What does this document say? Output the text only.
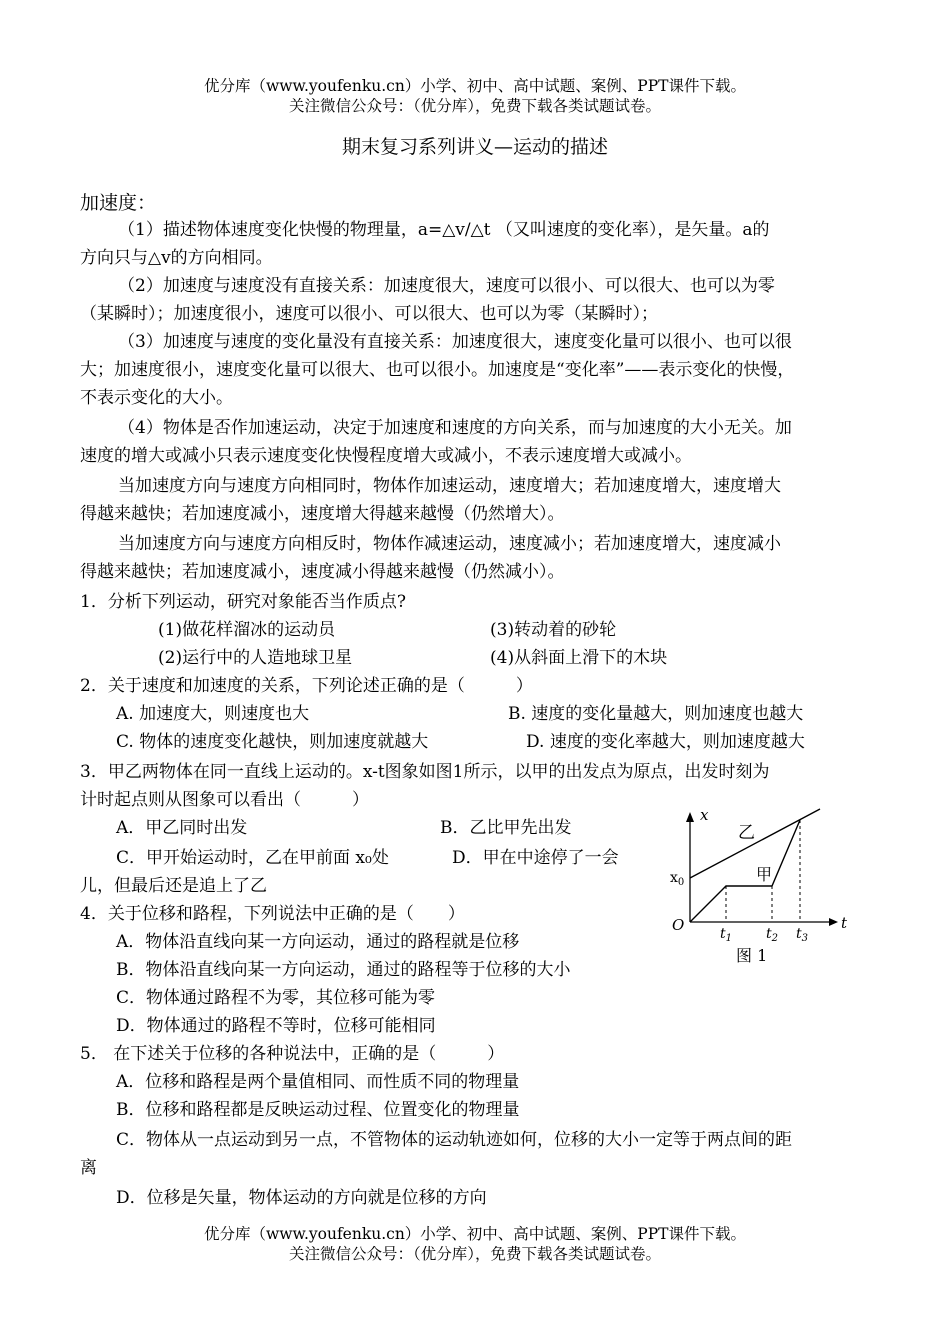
优分库（www.youfenku.cn）小学、初中、高中试题、案例、PPT课件下载。
关注微信公众号：（优分库），免费下载各类试题试卷。
期末复习系列讲义—运动的描述
加速度：
（1）描述物体速度变化快慢的物理量，a=△v/△t （又叫速度的变化率），是矢量。a的
方向只与△v的方向相同。
（2）加速度与速度没有直接关系：加速度很大，速度可以很小、可以很大、也可以为零
（某瞬时）；加速度很小，速度可以很小、可以很大、也可以为零（某瞬时）；
（3）加速度与速度的变化量没有直接关系：加速度很大，速度变化量可以很小、也可以很
大；加速度很小，速度变化量可以很大、也可以很小。加速度是“变化率”——表示变化的快慢，
不表示变化的大小。
（4）物体是否作加速运动，决定于加速度和速度的方向关系，而与加速度的大小无关。加
速度的增大或减小只表示速度变化快慢程度增大或减小，不表示速度增大或减小。
当加速度方向与速度方向相同时，物体作加速运动，速度增大；若加速度增大，速度增大
得越来越快；若加速度减小，速度增大得越来越慢（仍然增大）。
当加速度方向与速度方向相反时，物体作减速运动，速度减小；若加速度增大，速度减小
得越来越快；若加速度减小，速度减小得越来越慢（仍然减小）。
1．分析下列运动，研究对象能否当作质点?
(1)做花样溜冰的运动员	(3)转动着的砂轮
(2)运行中的人造地球卫星	(4)从斜面上滑下的木块
2．关于速度和加速度的关系，下列论述正确的是（　　　）
A. 加速度大，则速度也大	B. 速度的变化量越大，则加速度也越大
C. 物体的速度变化越快，则加速度就越大	D. 速度的变化率越大，则加速度越大
3．甲乙两物体在同一直线上运动的。x-t图象如图1所示，以甲的出发点为原点，出发时刻为
计时起点则从图象可以看出（　　　）
A．甲乙同时出发	B．乙比甲先出发
C．甲开始运动时，乙在甲前面 x₀处	D．甲在中途停了一会
儿，但最后还是追上了乙
4．关于位移和路程，下列说法中正确的是（　　）
A．物体沿直线向某一方向运动，通过的路程就是位移
B．物体沿直线向某一方向运动，通过的路程等于位移的大小
C．物体通过路程不为零，其位移可能为零
D．物体通过的路程不等时，位移可能相同
5． 在下述关于位移的各种说法中，正确的是（　　　）
A．位移和路程是两个量值相同、而性质不同的物理量
B．位移和路程都是反映运动过程、位置变化的物理量
C．物体从一点运动到另一点，不管物体的运动轨迹如何，位移的大小一定等于两点间的距
离
D．位移是矢量，物体运动的方向就是位移的方向
x
t
O
$x_0$
$t_1$ $t_2$ $t_3$
乙
甲
图 1
优分库（www.youfenku.cn）小学、初中、高中试题、案例、PPT课件下载。
关注微信公众号：（优分库），免费下载各类试题试卷。
